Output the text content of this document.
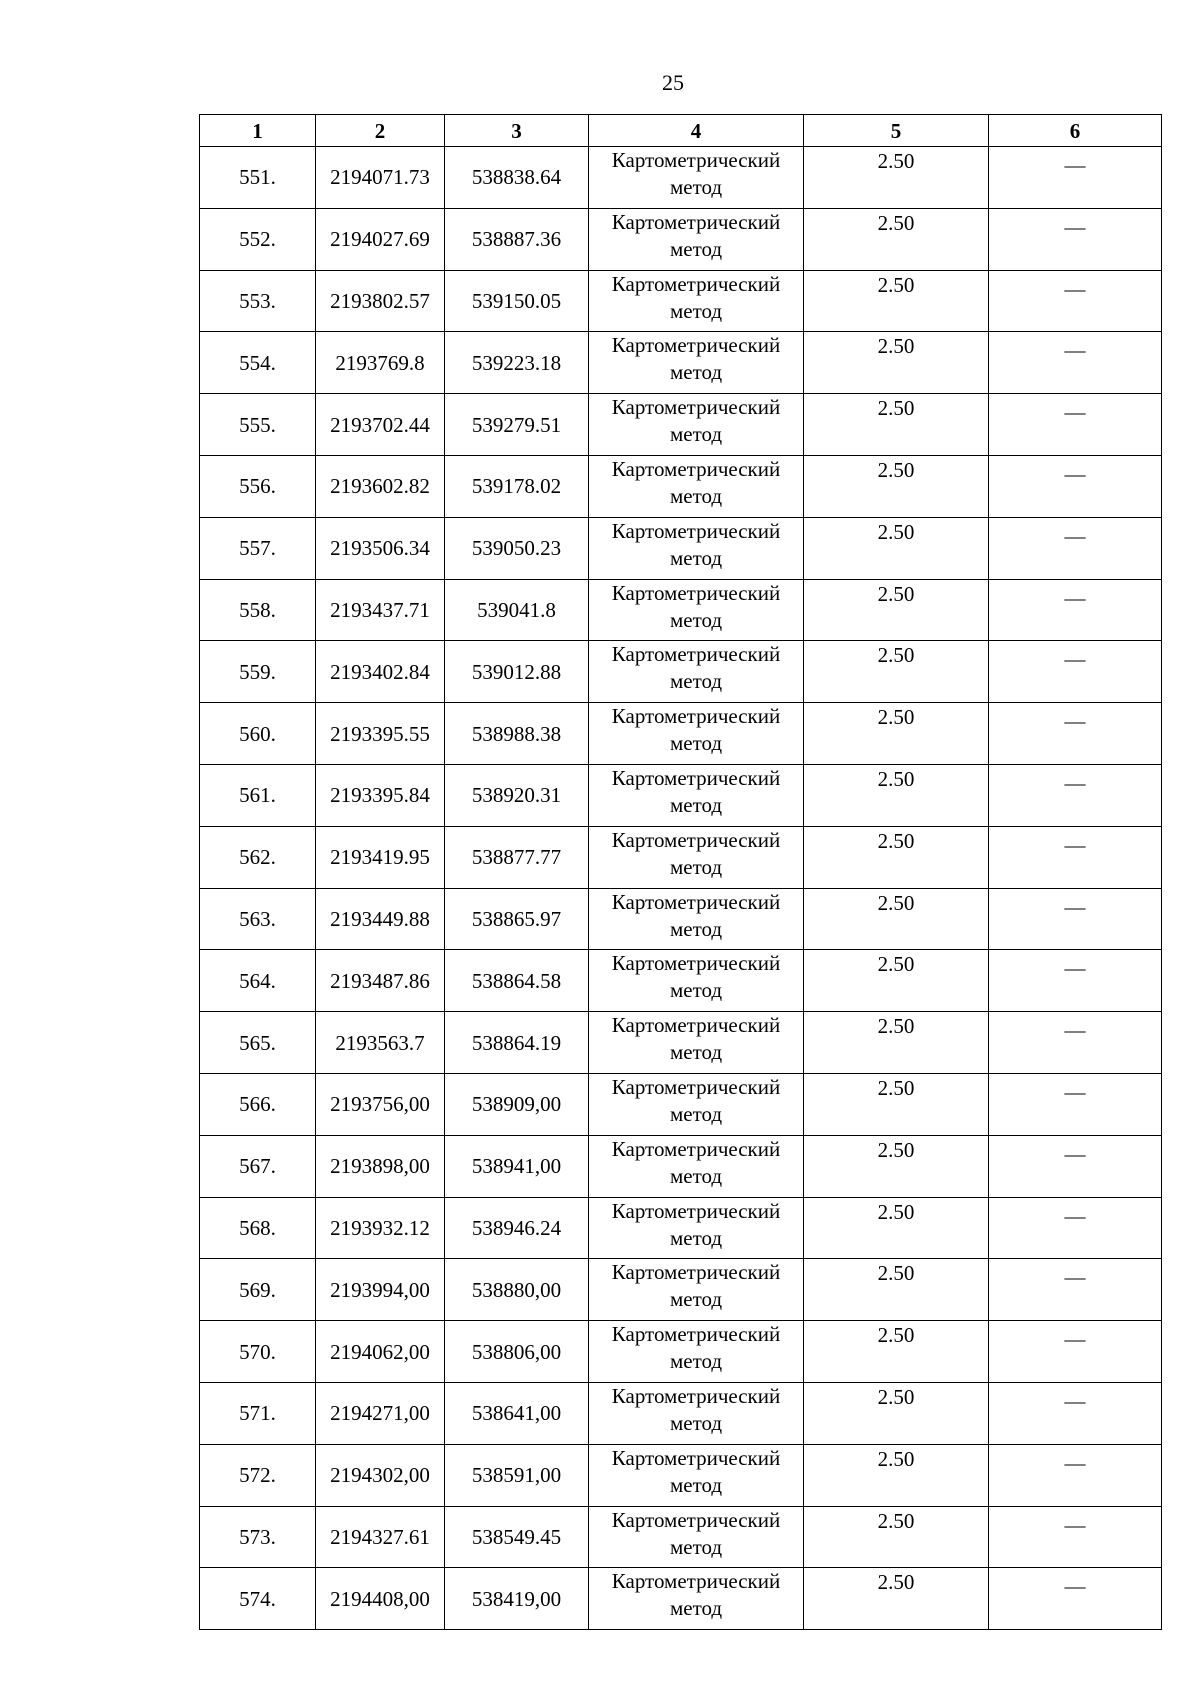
25
1	2	3	4	5	6
551.	2194071.73	538838.64	Картометрический метод	2.50	—
552.	2194027.69	538887.36	Картометрический метод	2.50	—
553.	2193802.57	539150.05	Картометрический метод	2.50	—
554.	2193769.8	539223.18	Картометрический метод	2.50	—
555.	2193702.44	539279.51	Картометрический метод	2.50	—
556.	2193602.82	539178.02	Картометрический метод	2.50	—
557.	2193506.34	539050.23	Картометрический метод	2.50	—
558.	2193437.71	539041.8	Картометрический метод	2.50	—
559.	2193402.84	539012.88	Картометрический метод	2.50	—
560.	2193395.55	538988.38	Картометрический метод	2.50	—
561.	2193395.84	538920.31	Картометрический метод	2.50	—
562.	2193419.95	538877.77	Картометрический метод	2.50	—
563.	2193449.88	538865.97	Картометрический метод	2.50	—
564.	2193487.86	538864.58	Картометрический метод	2.50	—
565.	2193563.7	538864.19	Картометрический метод	2.50	—
566.	2193756,00	538909,00	Картометрический метод	2.50	—
567.	2193898,00	538941,00	Картометрический метод	2.50	—
568.	2193932.12	538946.24	Картометрический метод	2.50	—
569.	2193994,00	538880,00	Картометрический метод	2.50	—
570.	2194062,00	538806,00	Картометрический метод	2.50	—
571.	2194271,00	538641,00	Картометрический метод	2.50	—
572.	2194302,00	538591,00	Картометрический метод	2.50	—
573.	2194327.61	538549.45	Картометрический метод	2.50	—
574.	2194408,00	538419,00	Картометрический метод	2.50	—
